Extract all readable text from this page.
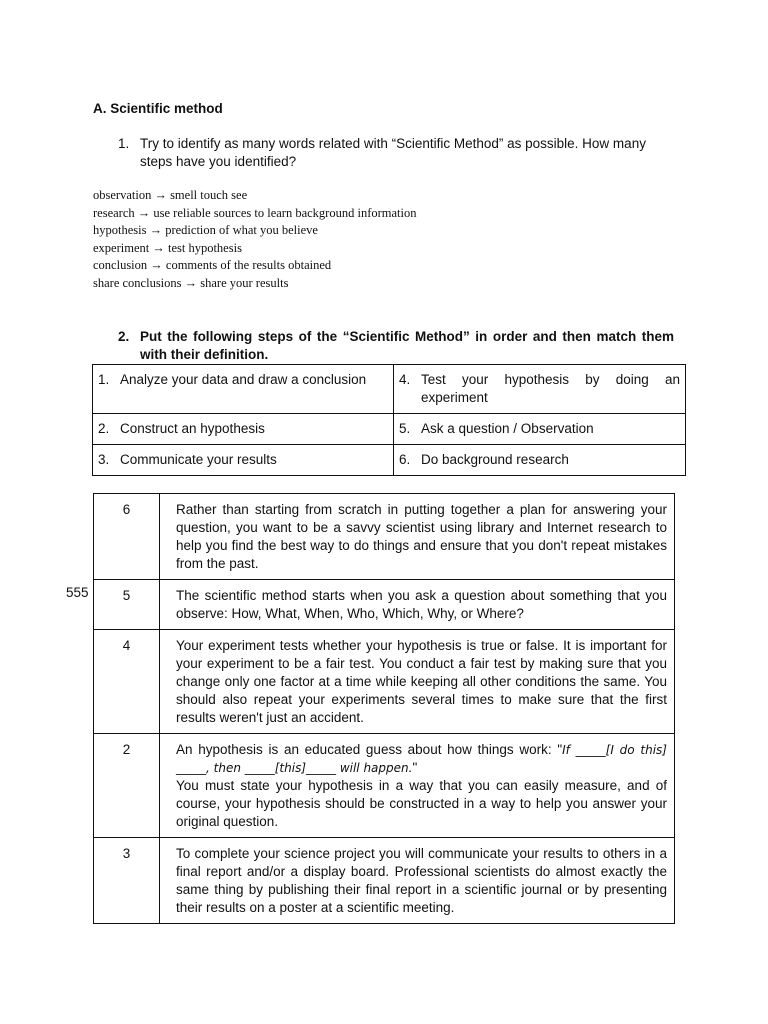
A. Scientific method
1. Try to identify as many words related with “Scientific Method” as possible. How many steps have you identified?
observation → smell touch see
research → use reliable sources to learn background information
hypothesis → prediction of what you believe
experiment → test hypothesis
conclusion → comments of the results obtained
share conclusions → share your results
2. Put the following steps of the “Scientific Method” in order and then match them with their definition.
1. Analyze your data and draw a conclusion	4. Test your hypothesis by doing an experiment

2. Construct an hypothesis	5. Ask a question / Observation

3. Communicate your results	6. Do background research
555
6	Rather than starting from scratch in putting together a plan for answering your question, you want to be a savvy scientist using library and Internet research to help you find the best way to do things and ensure that you don't repeat mistakes from the past.
5	The scientific method starts when you ask a question about something that you observe: How, What, When, Who, Which, Why, or Where?
4	Your experiment tests whether your hypothesis is true or false. It is important for your experiment to be a fair test. You conduct a fair test by making sure that you change only one factor at a time while keeping all other conditions the same. You should also repeat your experiments several times to make sure that the first results weren't just an accident.
2	An hypothesis is an educated guess about how things work: "If _____[I do this] _____, then _____[this]_____ will happen."
You must state your hypothesis in a way that you can easily measure, and of course, your hypothesis should be constructed in a way to help you answer your original question.
3	To complete your science project you will communicate your results to others in a final report and/or a display board. Professional scientists do almost exactly the same thing by publishing their final report in a scientific journal or by presenting their results on a poster at a scientific meeting.
